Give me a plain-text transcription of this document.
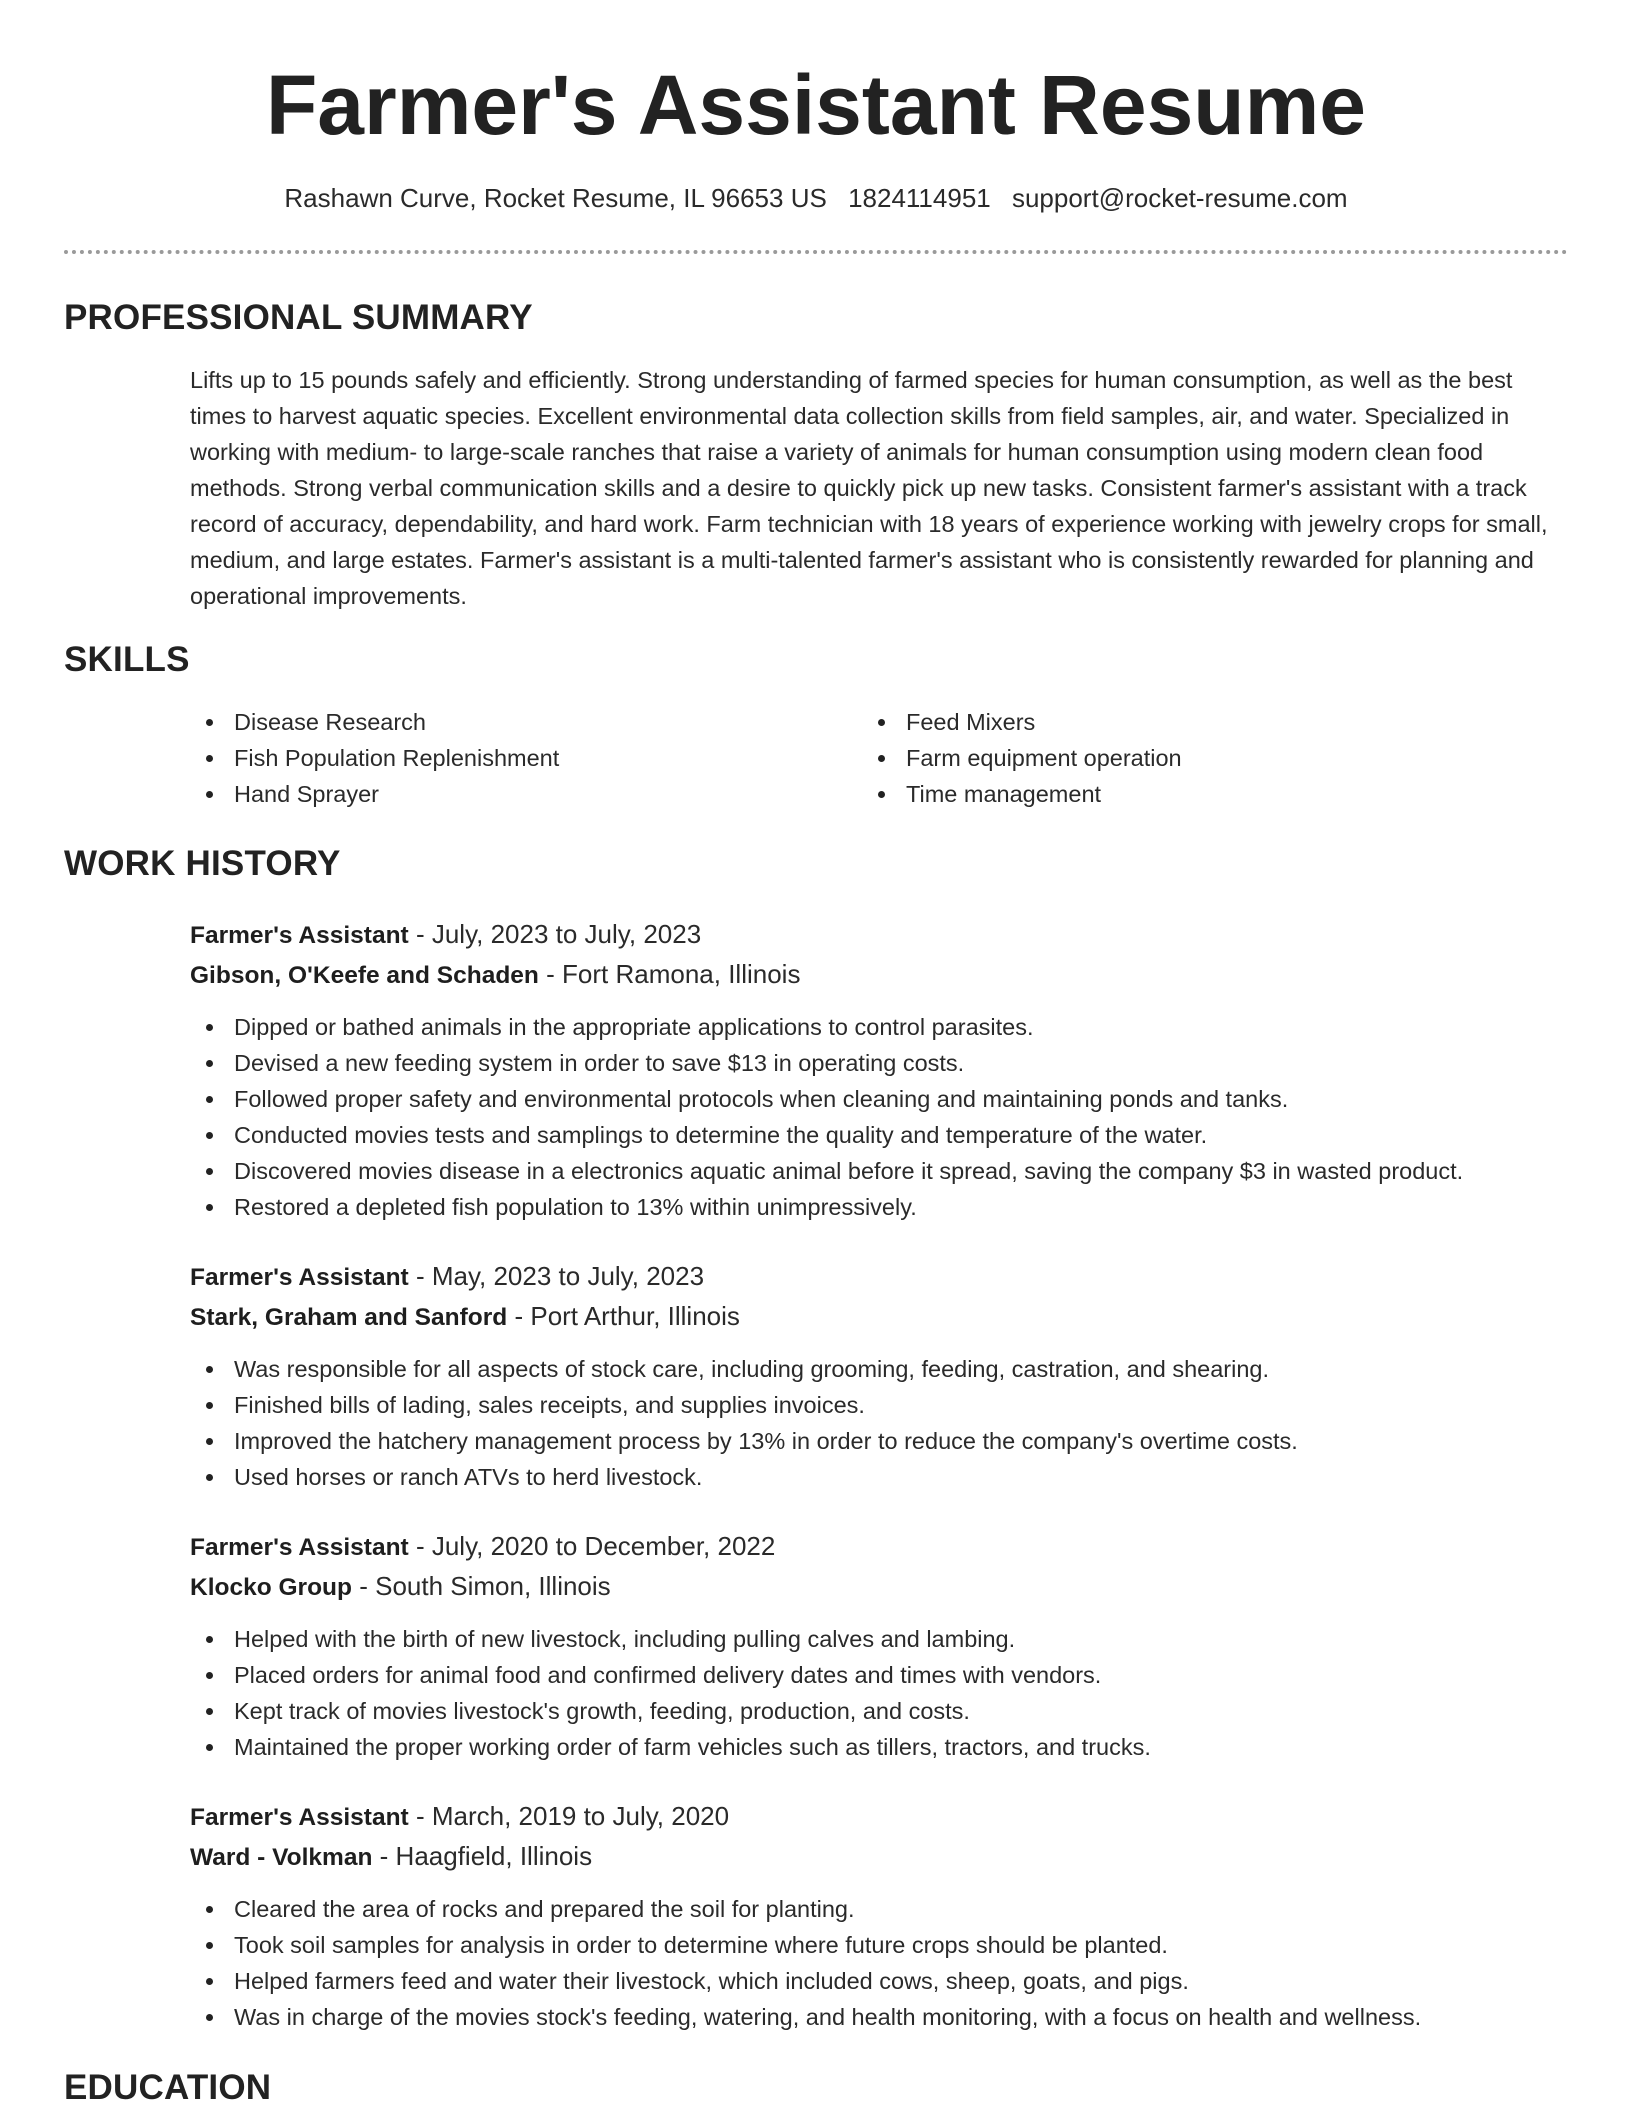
Farmer's Assistant Resume
Rashawn Curve, Rocket Resume, IL 96653 US 1824114951 support@rocket-resume.com
PROFESSIONAL SUMMARY

Lifts up to 15 pounds safely and efficiently. Strong understanding of farmed species for human consumption, as well as the best times to harvest aquatic species. Excellent environmental data collection skills from field samples, air, and water. Specialized in working with medium- to large-scale ranches that raise a variety of animals for human consumption using modern clean food methods. Strong verbal communication skills and a desire to quickly pick up new tasks. Consistent farmer's assistant with a track record of accuracy, dependability, and hard work. Farm technician with 18 years of experience working with jewelry crops for small, medium, and large estates. Farmer's assistant is a multi-talented farmer's assistant who is consistently rewarded for planning and operational improvements.

SKILLS
Disease Research
Fish Population Replenishment
Hand Sprayer
Feed Mixers
Farm equipment operation
Time management
WORK HISTORY
Farmer's Assistant - July, 2023 to July, 2023
Gibson, O'Keefe and Schaden - Fort Ramona, Illinois
Dipped or bathed animals in the appropriate applications to control parasites.
Devised a new feeding system in order to save $13 in operating costs.
Followed proper safety and environmental protocols when cleaning and maintaining ponds and tanks.
Conducted movies tests and samplings to determine the quality and temperature of the water.
Discovered movies disease in a electronics aquatic animal before it spread, saving the company $3 in wasted product.
Restored a depleted fish population to 13% within unimpressively.
Farmer's Assistant - May, 2023 to July, 2023
Stark, Graham and Sanford - Port Arthur, Illinois
Was responsible for all aspects of stock care, including grooming, feeding, castration, and shearing.
Finished bills of lading, sales receipts, and supplies invoices.
Improved the hatchery management process by 13% in order to reduce the company's overtime costs.
Used horses or ranch ATVs to herd livestock.
Farmer's Assistant - July, 2020 to December, 2022
Klocko Group - South Simon, Illinois
Helped with the birth of new livestock, including pulling calves and lambing.
Placed orders for animal food and confirmed delivery dates and times with vendors.
Kept track of movies livestock's growth, feeding, production, and costs.
Maintained the proper working order of farm vehicles such as tillers, tractors, and trucks.
Farmer's Assistant - March, 2019 to July, 2020
Ward - Volkman - Haagfield, Illinois
Cleared the area of rocks and prepared the soil for planting.
Took soil samples for analysis in order to determine where future crops should be planted.
Helped farmers feed and water their livestock, which included cows, sheep, goats, and pigs.
Was in charge of the movies stock's feeding, watering, and health monitoring, with a focus on health and wellness.
EDUCATION
